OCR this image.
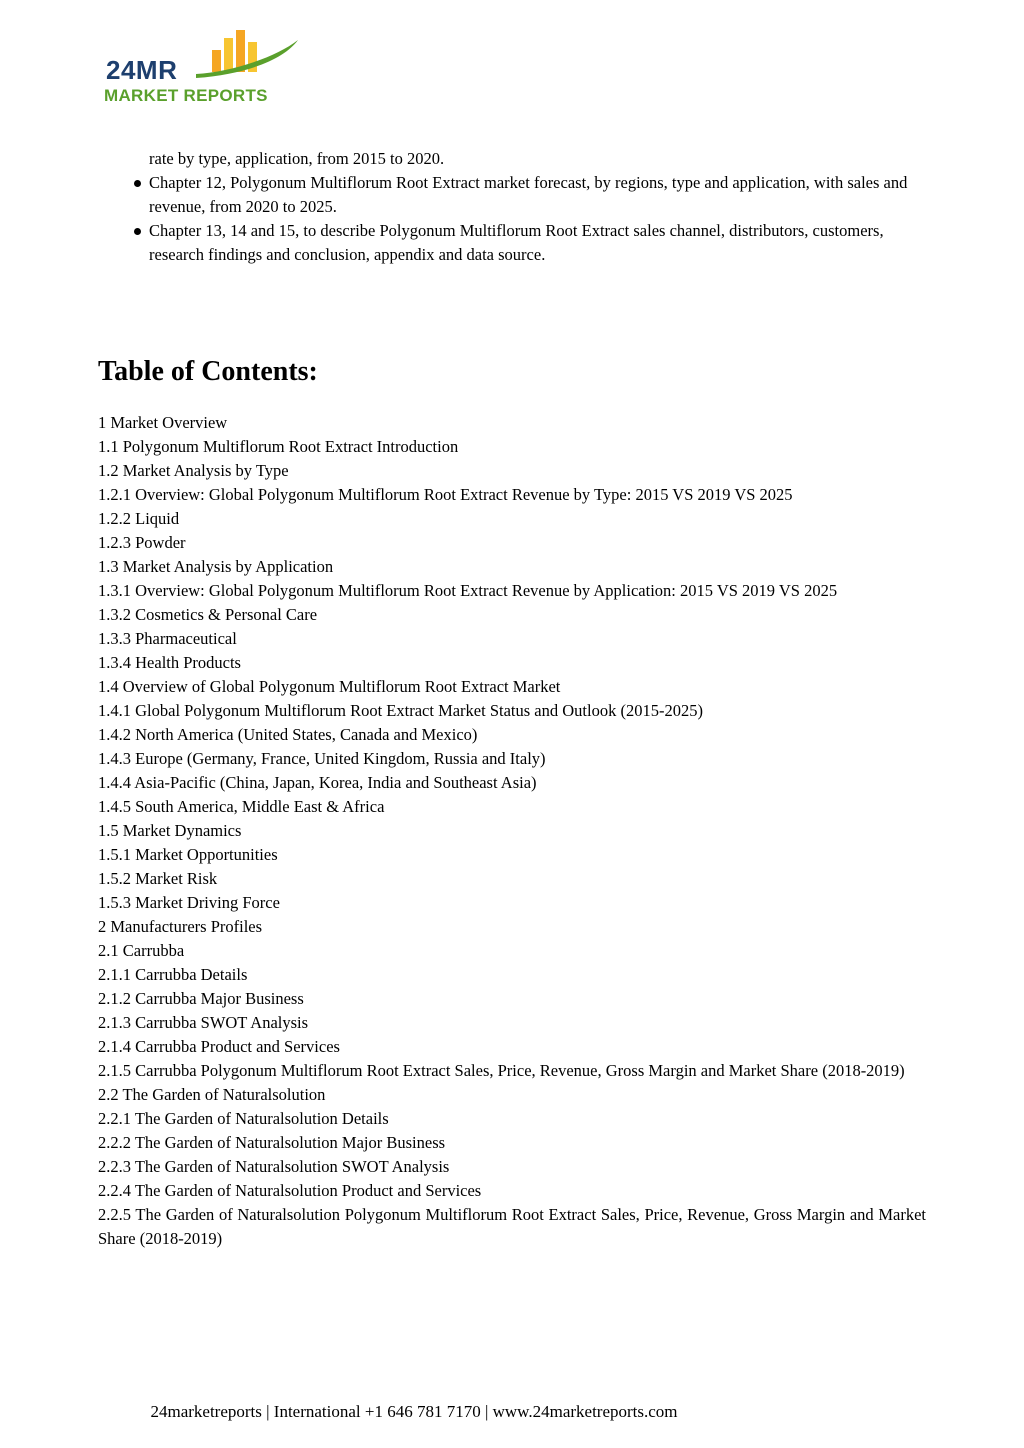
24MR
MARKET REPORTS
rate by type, application, from 2015 to 2020.
Chapter 12, Polygonum Multiflorum Root Extract market forecast, by regions, type and application, with sales and revenue, from 2020 to 2025.
Chapter 13, 14 and 15, to describe Polygonum Multiflorum Root Extract sales channel, distributors, customers, research findings and conclusion, appendix and data source.
Table of Contents:
1 Market Overview
1.1 Polygonum Multiflorum Root Extract Introduction
1.2 Market Analysis by Type
1.2.1 Overview: Global Polygonum Multiflorum Root Extract Revenue by Type: 2015 VS 2019 VS 2025
1.2.2 Liquid
1.2.3 Powder
1.3 Market Analysis by Application
1.3.1 Overview: Global Polygonum Multiflorum Root Extract Revenue by Application: 2015 VS 2019 VS 2025
1.3.2 Cosmetics & Personal Care
1.3.3 Pharmaceutical
1.3.4 Health Products
1.4 Overview of Global Polygonum Multiflorum Root Extract Market
1.4.1 Global Polygonum Multiflorum Root Extract Market Status and Outlook (2015-2025)
1.4.2 North America (United States, Canada and Mexico)
1.4.3 Europe (Germany, France, United Kingdom, Russia and Italy)
1.4.4 Asia-Pacific (China, Japan, Korea, India and Southeast Asia)
1.4.5 South America, Middle East & Africa
1.5 Market Dynamics
1.5.1 Market Opportunities
1.5.2 Market Risk
1.5.3 Market Driving Force
2 Manufacturers Profiles
2.1 Carrubba
2.1.1 Carrubba Details
2.1.2 Carrubba Major Business
2.1.3 Carrubba SWOT Analysis
2.1.4 Carrubba Product and Services
2.1.5 Carrubba Polygonum Multiflorum Root Extract Sales, Price, Revenue, Gross Margin and Market Share (2018-2019)
2.2 The Garden of Naturalsolution
2.2.1 The Garden of Naturalsolution Details
2.2.2 The Garden of Naturalsolution Major Business
2.2.3 The Garden of Naturalsolution SWOT Analysis
2.2.4 The Garden of Naturalsolution Product and Services
2.2.5 The Garden of Naturalsolution Polygonum Multiflorum Root Extract Sales, Price, Revenue, Gross Margin and Market Share (2018-2019)
24marketreports | International +1 646 781 7170 | www.24marketreports.com
